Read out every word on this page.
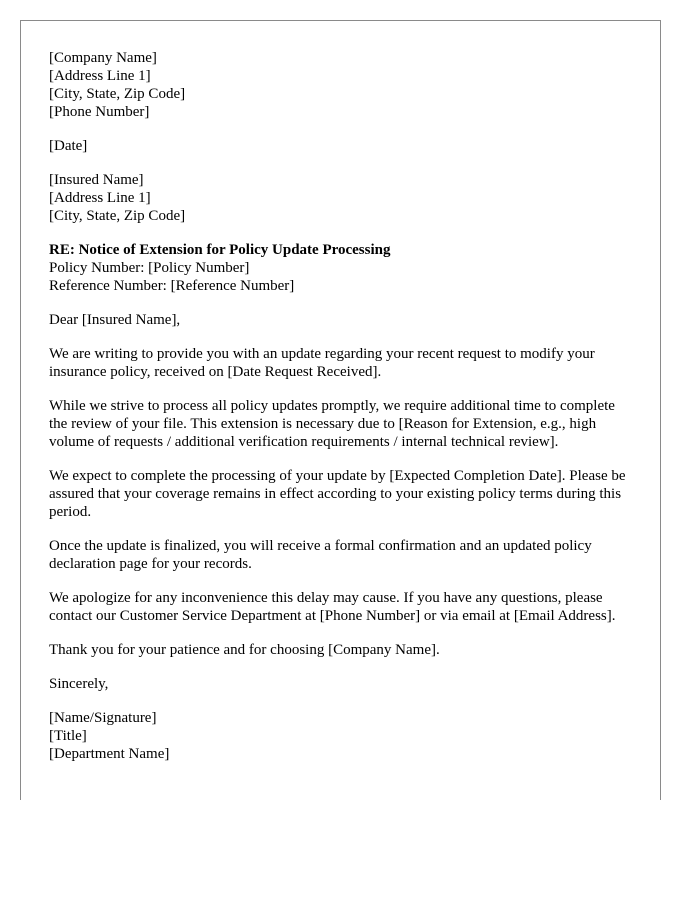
[Company Name]
[Address Line 1]
[City, State, Zip Code]
[Phone Number]
[Date]
[Insured Name]
[Address Line 1]
[City, State, Zip Code]
RE: Notice of Extension for Policy Update Processing
Policy Number: [Policy Number]
Reference Number: [Reference Number]

Dear [Insured Name],

We are writing to provide you with an update regarding your recent request to modify your insurance policy, received on [Date Request Received].

While we strive to process all policy updates promptly, we require additional time to complete the review of your file. This extension is necessary due to [Reason for Extension, e.g., high volume of requests / additional verification requirements / internal technical review].

We expect to complete the processing of your update by [Expected Completion Date]. Please be assured that your coverage remains in effect according to your existing policy terms during this period.

Once the update is finalized, you will receive a formal confirmation and an updated policy declaration page for your records.

We apologize for any inconvenience this delay may cause. If you have any questions, please contact our Customer Service Department at [Phone Number] or via email at [Email Address].

Thank you for your patience and for choosing [Company Name].

Sincerely,

[Name/Signature]
[Title]
[Department Name]
